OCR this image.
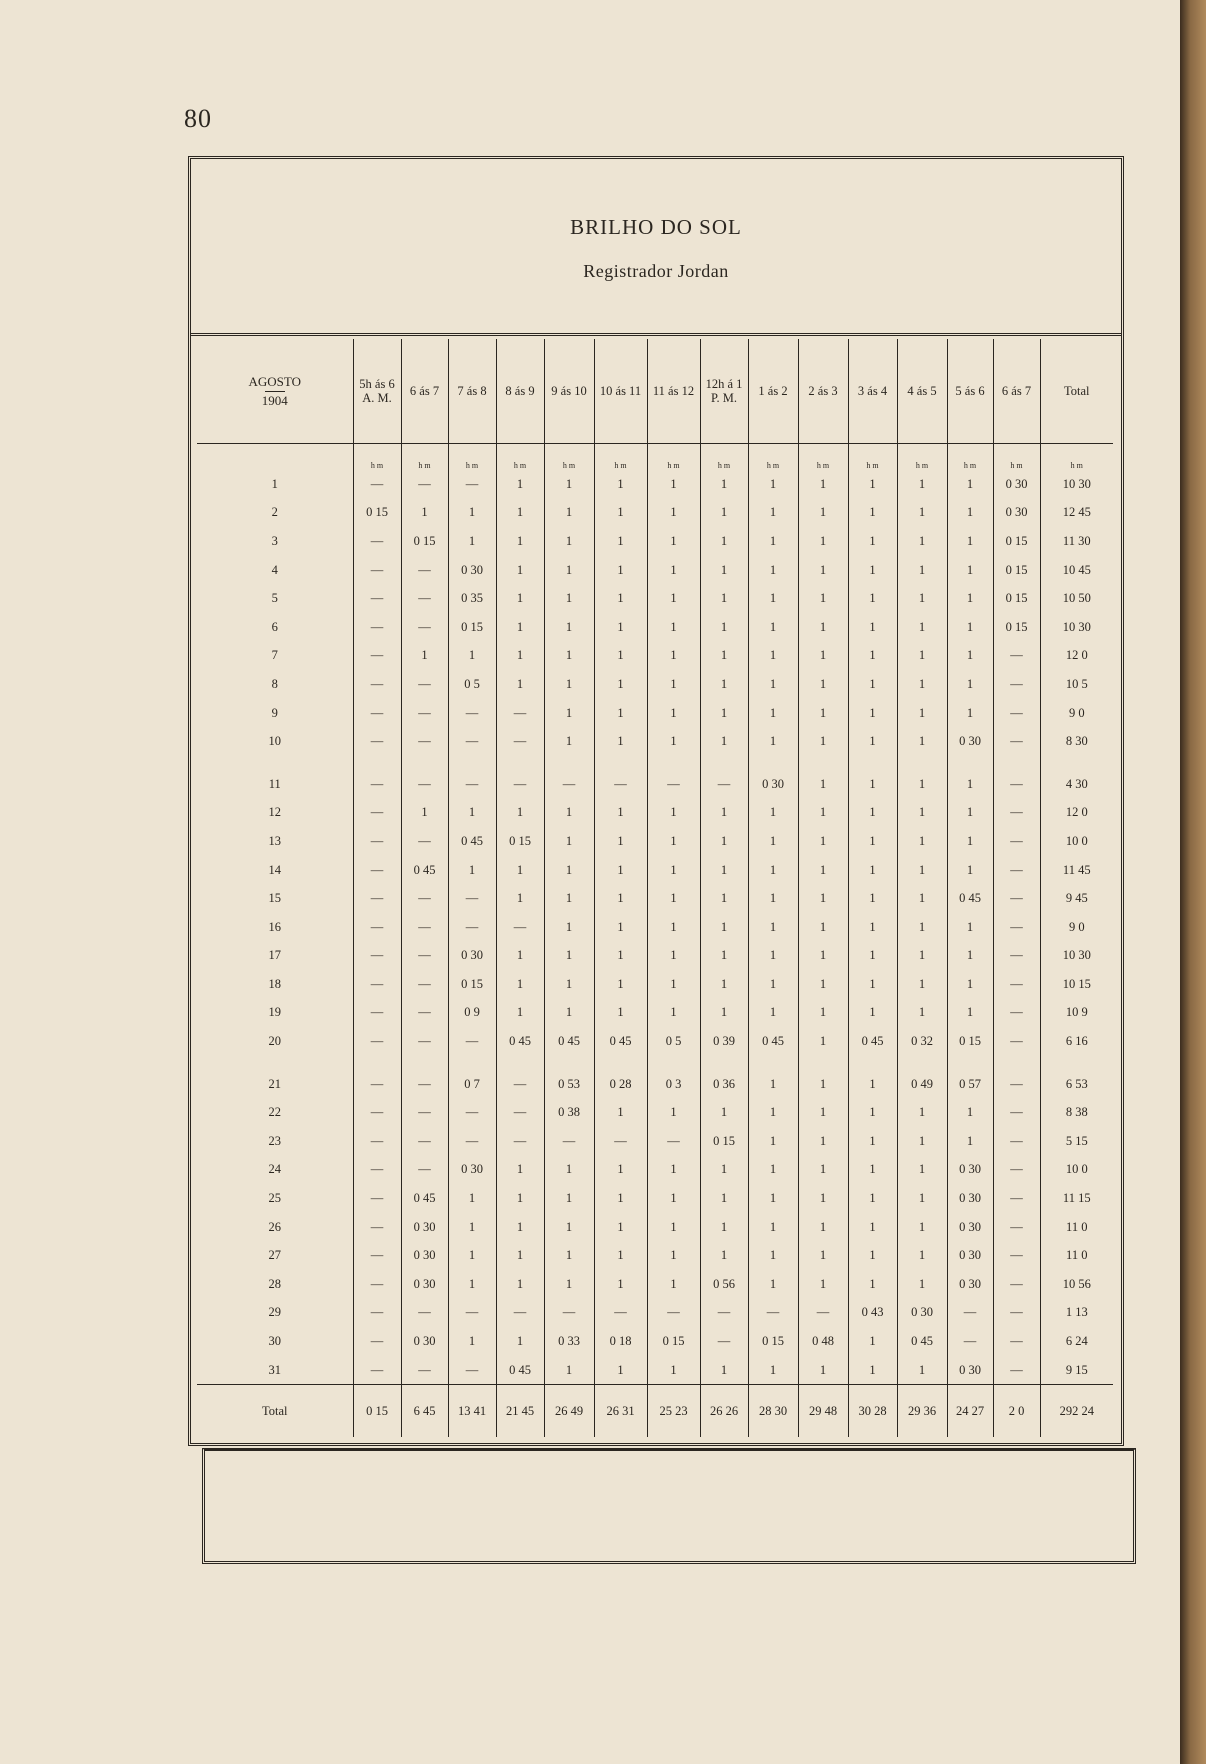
80
BRILHO DO SOL
Registrador Jordan
AGOSTO
1904	5h ás 6
A. M.	6 ás 7	7 ás 8	8 ás 9	9 ás 10	10 ás 11	11 ás 12	12h á 1
P. M.	1 ás 2	2 ás 3	3 ás 4	4 ás 5	5 ás 6	6 ás 7	Total

	h m	h m	h m	h m	h m	h m	h m	h m	h m	h m	h m	h m	h m	h m	h m
1	—	—	—	1	1	1	1	1	1	1	1	1	1	0 30	10 30
2	0 15	1	1	1	1	1	1	1	1	1	1	1	1	0 30	12 45
3	—	0 15	1	1	1	1	1	1	1	1	1	1	1	0 15	11 30
4	—	—	0 30	1	1	1	1	1	1	1	1	1	1	0 15	10 45
5	—	—	0 35	1	1	1	1	1	1	1	1	1	1	0 15	10 50
6	—	—	0 15	1	1	1	1	1	1	1	1	1	1	0 15	10 30
7	—	1	1	1	1	1	1	1	1	1	1	1	1	—	12 0
8	—	—	0 5	1	1	1	1	1	1	1	1	1	1	—	10 5
9	—	—	—	—	1	1	1	1	1	1	1	1	1	—	9 0
10	—	—	—	—	1	1	1	1	1	1	1	1	0 30	—	8 30

11	—	—	—	—	—	—	—	—	0 30	1	1	1	1	—	4 30
12	—	1	1	1	1	1	1	1	1	1	1	1	1	—	12 0
13	—	—	0 45	0 15	1	1	1	1	1	1	1	1	1	—	10 0
14	—	0 45	1	1	1	1	1	1	1	1	1	1	1	—	11 45
15	—	—	—	1	1	1	1	1	1	1	1	1	0 45	—	9 45
16	—	—	—	—	1	1	1	1	1	1	1	1	1	—	9 0
17	—	—	0 30	1	1	1	1	1	1	1	1	1	1	—	10 30
18	—	—	0 15	1	1	1	1	1	1	1	1	1	1	—	10 15
19	—	—	0 9	1	1	1	1	1	1	1	1	1	1	—	10 9
20	—	—	—	0 45	0 45	0 45	0 5	0 39	0 45	1	0 45	0 32	0 15	—	6 16

21	—	—	0 7	—	0 53	0 28	0 3	0 36	1	1	1	0 49	0 57	—	6 53
22	—	—	—	—	0 38	1	1	1	1	1	1	1	1	—	8 38
23	—	—	—	—	—	—	—	0 15	1	1	1	1	1	—	5 15
24	—	—	0 30	1	1	1	1	1	1	1	1	1	0 30	—	10 0
25	—	0 45	1	1	1	1	1	1	1	1	1	1	0 30	—	11 15
26	—	0 30	1	1	1	1	1	1	1	1	1	1	0 30	—	11 0
27	—	0 30	1	1	1	1	1	1	1	1	1	1	0 30	—	11 0
28	—	0 30	1	1	1	1	1	0 56	1	1	1	1	0 30	—	10 56
29	—	—	—	—	—	—	—	—	—	—	0 43	0 30	—	—	1 13
30	—	0 30	1	1	0 33	0 18	0 15	—	0 15	0 48	1	0 45	—	—	6 24
31	—	—	—	0 45	1	1	1	1	1	1	1	1	0 30	—	9 15
Total	0 15	6 45	13 41	21 45	26 49	26 31	25 23	26 26	28 30	29 48	30 28	29 36	24 27	2 0	292 24
